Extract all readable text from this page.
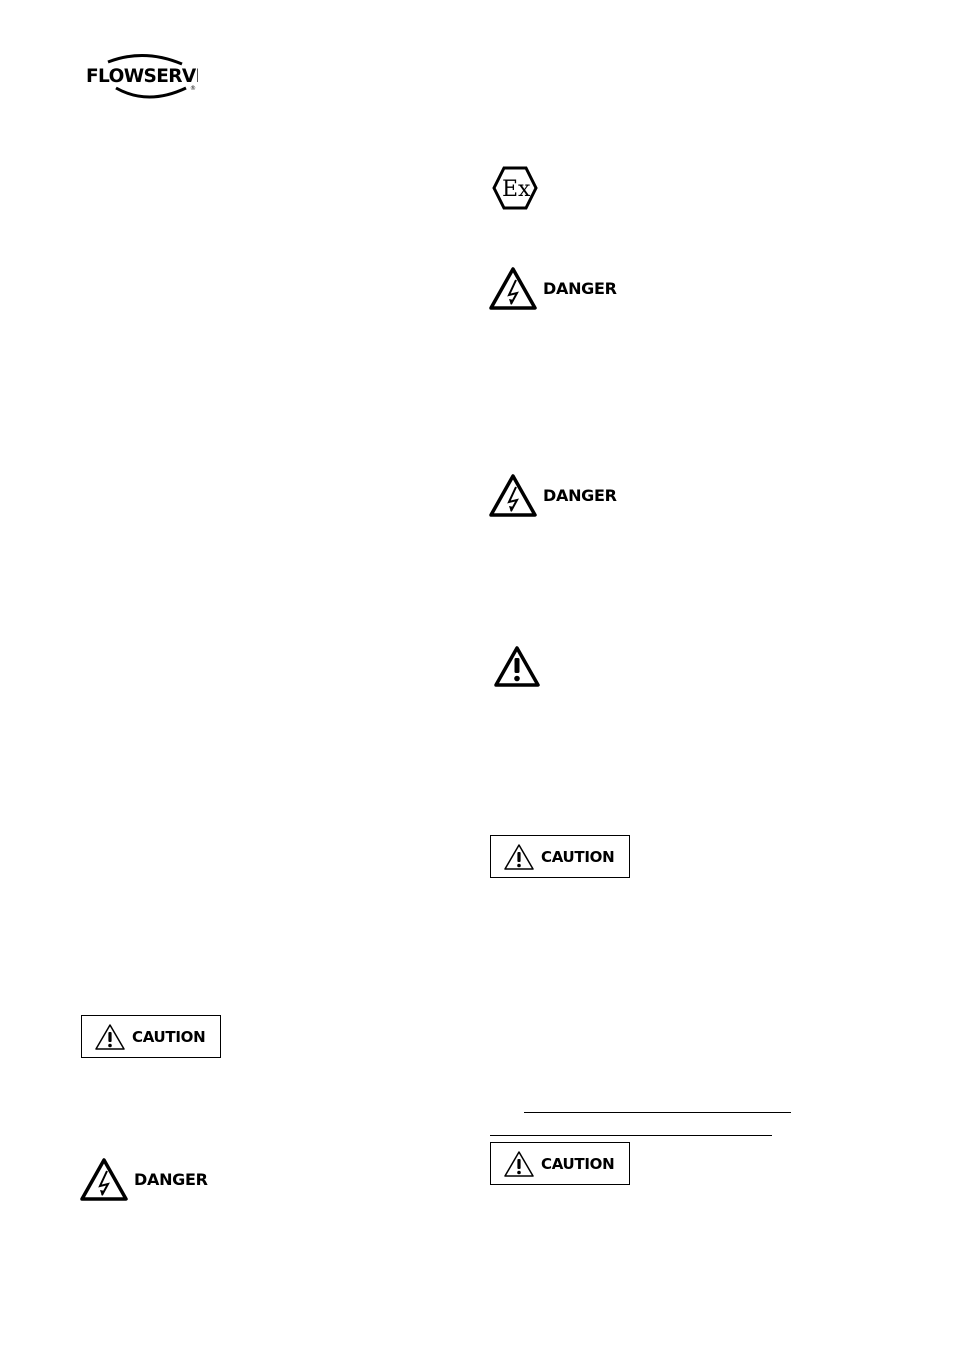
FLOWSERVE
®
Ex
DANGER
DANGER
CAUTION
CAUTION
CAUTION
DANGER
